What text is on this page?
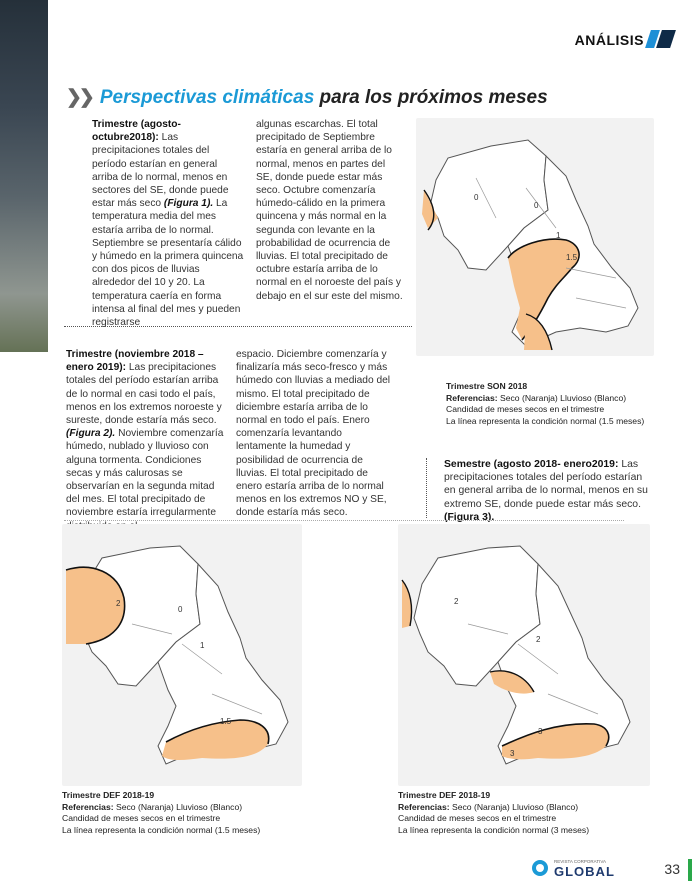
ANÁLISIS
❯❯ Perspectivas climáticas para los próximos meses
Trimestre (agosto- octubre2018): Las precipitaciones totales del período estarían en general arriba de lo normal, menos en sectores del SE, donde puede estar más seco (Figura 1). La temperatura media del mes estaría arriba de lo normal. Septiembre se presentaría cálido y húmedo en la primera quincena con dos picos de lluvias alrededor del 10 y 20. La temperatura caería en forma intensa al final del mes y pueden registrarse
algunas escarchas. El total precipitado de Septiembre estaría en general arriba de lo normal, menos en partes del SE, donde puede estar más seco. Octubre comenzaría húmedo-cálido en la primera quincena y más normal en la segunda con levante en la probabilidad de ocurrencia de lluvias. El total precipitado de octubre estaría arriba de lo normal en el noroeste del país y debajo en el sur este del mismo.
0
0
1
1.5
Trimestre (noviembre 2018 – enero 2019): Las precipitaciones totales del período estarían arriba de lo normal en casi todo el país, menos en los extremos noroeste y sureste, donde estaría más seco. (Figura 2). Noviembre comenzaría húmedo, nublado y lluvioso con alguna tormenta. Condiciones secas y más calurosas se observarían en la segunda mitad del mes. El total precipitado de noviembre estaría irregularmente
espacio. Diciembre comenzaría y finalizaría más seco-fresco y más húmedo con lluvias a mediado del mismo. El total precipitado de diciembre estaría arriba de lo normal en todo el país. Enero comenzaría levantando lentamente la humedad y posibilidad de ocurrencia de lluvias. El total precipitado de enero estaría arriba de lo normal menos en los extremos NO y SE, donde estaría más seco.
Trimestre SON 2018
Referencias: Seco (Naranja) Lluvioso (Blanco)
Candidad de meses secos en el trimestre
La línea representa la condición normal (1.5 meses)
Semestre (agosto 2018- enero2019: Las precipitaciones totales del período estarían en general arriba de lo normal, menos en su extremo SE, donde puede estar más seco. (Figura 3).
2
0
1
1.5
2
2
3
3
Trimestre DEF 2018-19
Referencias: Seco (Naranja) Lluvioso (Blanco)
Candidad de meses secos en el trimestre
La línea representa la condición normal (1.5 meses)
Trimestre DEF 2018-19
Referencias: Seco (Naranja) Lluvioso (Blanco)
Candidad de meses secos en el trimestre
La línea representa la condición normal (3 meses)
REVISTA CORPORATIVA
GLOBAL	33
